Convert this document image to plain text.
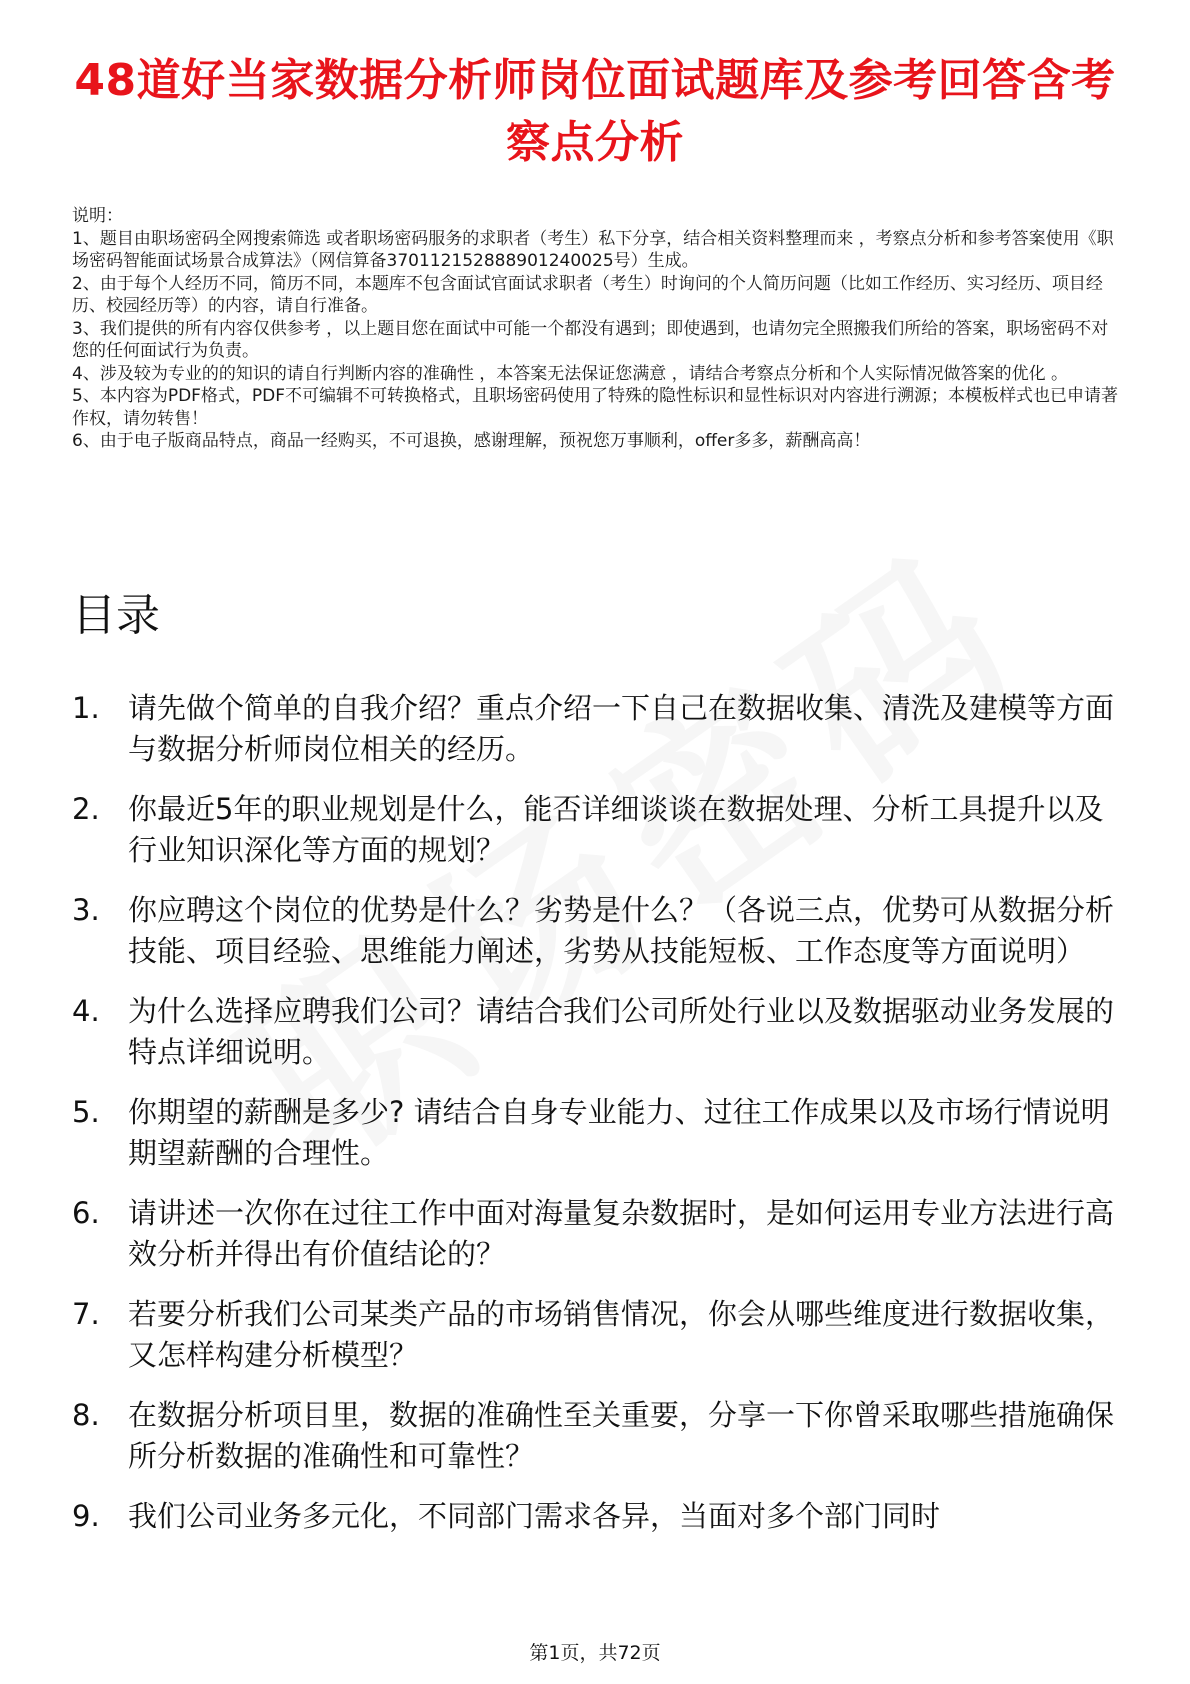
48道好当家数据分析师岗位面试题库及参考回答含考察点分析

说明：

1、题目由职场密码全网搜索筛选 或者职场密码服务的求职者（考生）私下分享，结合相关资料整理而来 ，考察点分析和参考答案使用《职场密码智能面试场景合成算法》（网信算备370112152888901240025号）生成。

2、由于每个人经历不同，简历不同，本题库不包含面试官面试求职者（考生）时询问的个人简历问题（比如工作经历、实习经历、项目经历、校园经历等）的内容，请自行准备。

3、我们提供的所有内容仅供参考 ，以上题目您在面试中可能一个都没有遇到；即使遇到，也请勿完全照搬我们所给的答案，职场密码不对您的任何面试行为负责。

4、涉及较为专业的的知识的请自行判断内容的准确性 ，本答案无法保证您满意 ，请结合考察点分析和个人实际情况做答案的优化 。

5、本内容为PDF格式，PDF不可编辑不可转换格式，且职场密码使用了特殊的隐性标识和显性标识对内容进行溯源；本模板样式也已申请著作权，请勿转售！

6、由于电子版商品特点，商品一经购买，不可退换，感谢理解，预祝您万事顺利，offer多多，薪酬高高！

目录
1. 请先做个简单的自我介绍？重点介绍一下自己在数据收集、清洗及建模等方面与数据分析师岗位相关的经历。
2. 你最近5年的职业规划是什么，能否详细谈谈在数据处理、分析工具提升以及行业知识深化等方面的规划？
3. 你应聘这个岗位的优势是什么？劣势是什么？（各说三点，优势可从数据分析技能、项目经验、思维能力阐述，劣势从技能短板、工作态度等方面说明）
4. 为什么选择应聘我们公司？请结合我们公司所处行业以及数据驱动业务发展的特点详细说明。
5. 你期望的薪酬是多少? 请结合自身专业能力、过往工作成果以及市场行情说明期望薪酬的合理性。
6. 请讲述一次你在过往工作中面对海量复杂数据时，是如何运用专业方法进行高效分析并得出有价值结论的？
7. 若要分析我们公司某类产品的市场销售情况，你会从哪些维度进行数据收集，又怎样构建分析模型？
8. 在数据分析项目里，数据的准确性至关重要，分享一下你曾采取哪些措施确保所分析数据的准确性和可靠性？
9. 我们公司业务多元化，不同部门需求各异，当面对多个部门同时
第1页，共72页
